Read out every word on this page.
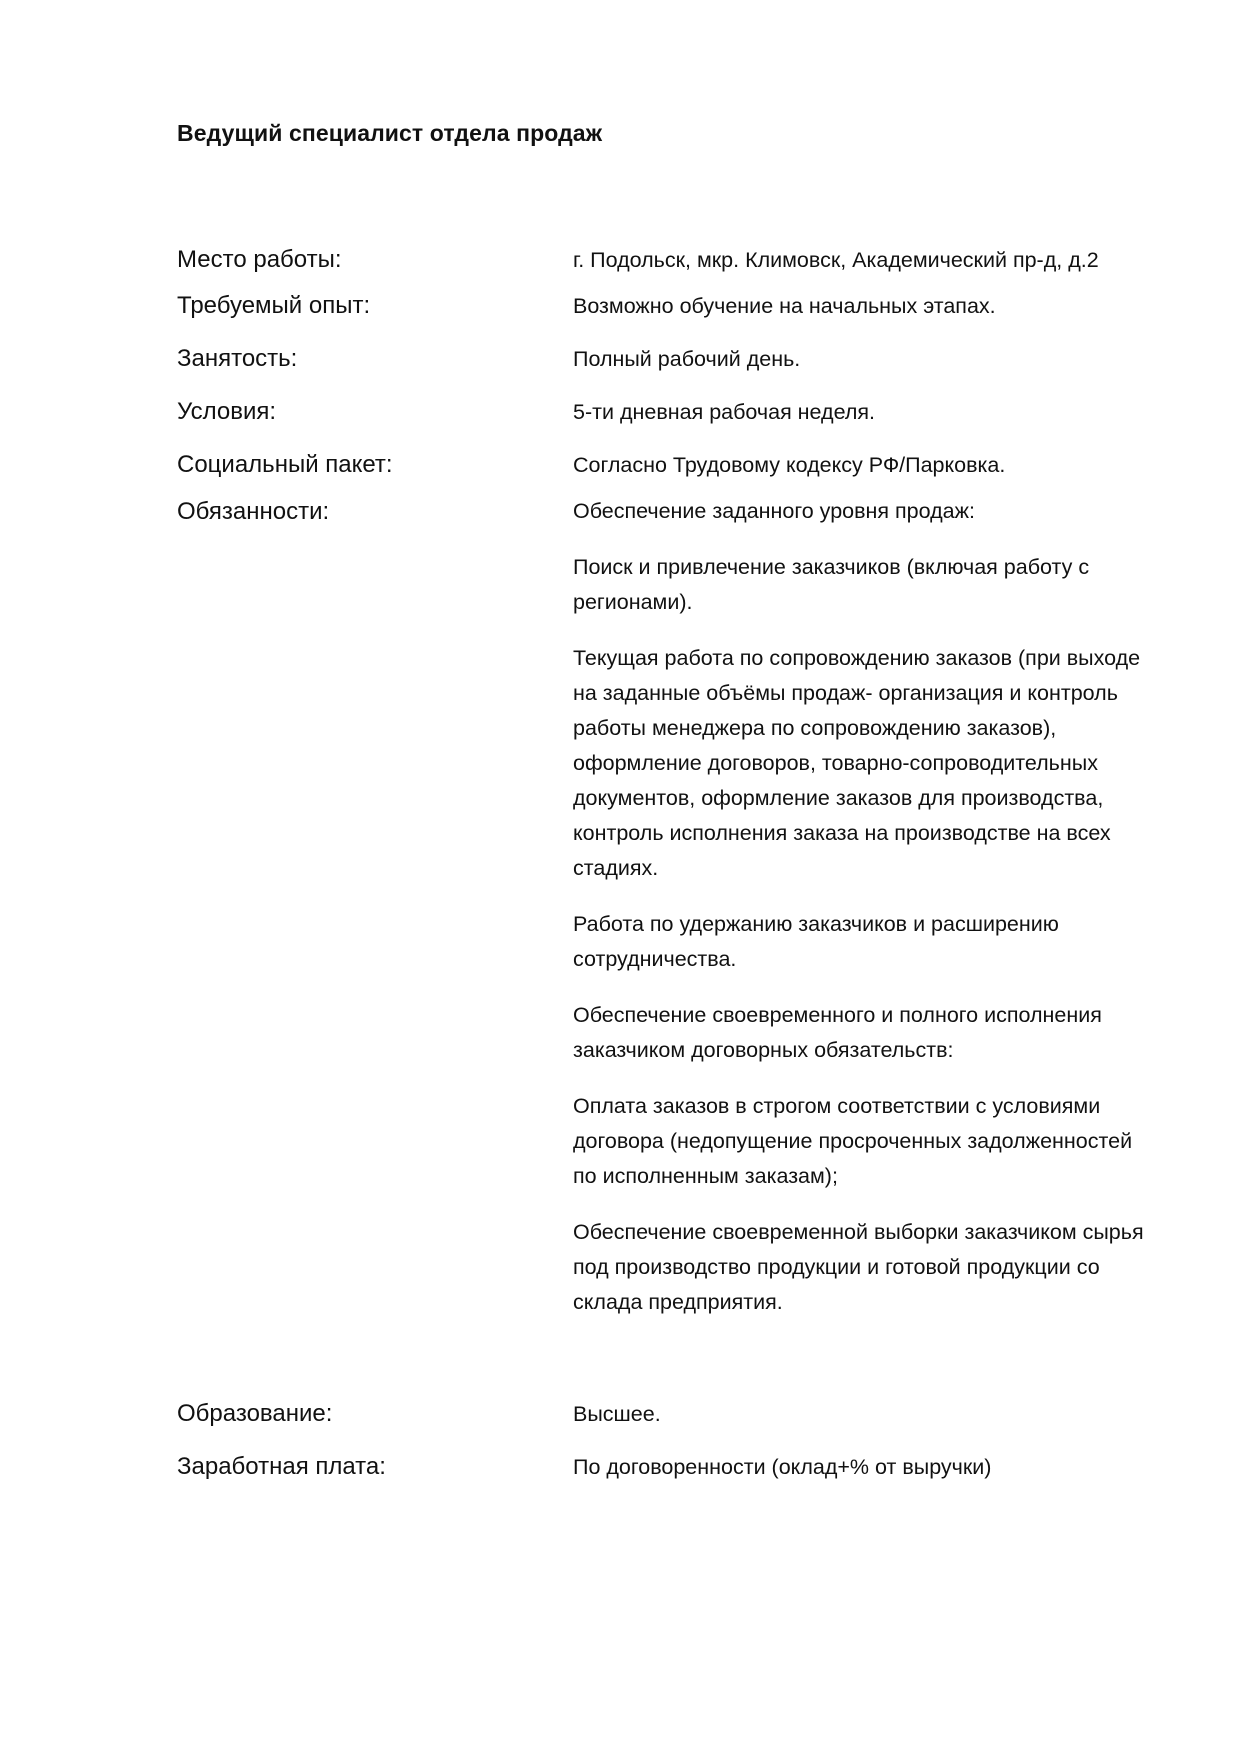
Ведущий специалист отдела продаж
Место работы:	г. Подольск, мкр. Климовск, Академический пр-д, д.2
Требуемый опыт:	Возможно обучение на начальных этапах.
Занятость:	Полный рабочий день.
Условия:	5-ти дневная рабочая неделя.
Социальный пакет:	Согласно Трудовому кодексу РФ/Парковка.
Обязанности:	Обеспечение заданного уровня продаж:

Поиск и привлечение заказчиков (включая работу с регионами).

Текущая работа по сопровождению заказов (при выходе на заданные объёмы продаж- организация и контроль работы менеджера по сопровождению заказов), оформление договоров, товарно-сопроводительных документов, оформление заказов для производства, контроль исполнения заказа на производстве на всех стадиях.

Работа по удержанию заказчиков и расширению сотрудничества.

Обеспечение своевременного и полного исполнения заказчиком договорных обязательств:

Оплата заказов в строгом соответствии с условиями договора (недопущение просроченных задолженностей по исполненным заказам);

Обеспечение своевременной выборки заказчиком сырья под производство продукции и готовой продукции со склада предприятия.

Образование:	Высшее.
Заработная плата:	По договоренности (оклад+% от выручки)
